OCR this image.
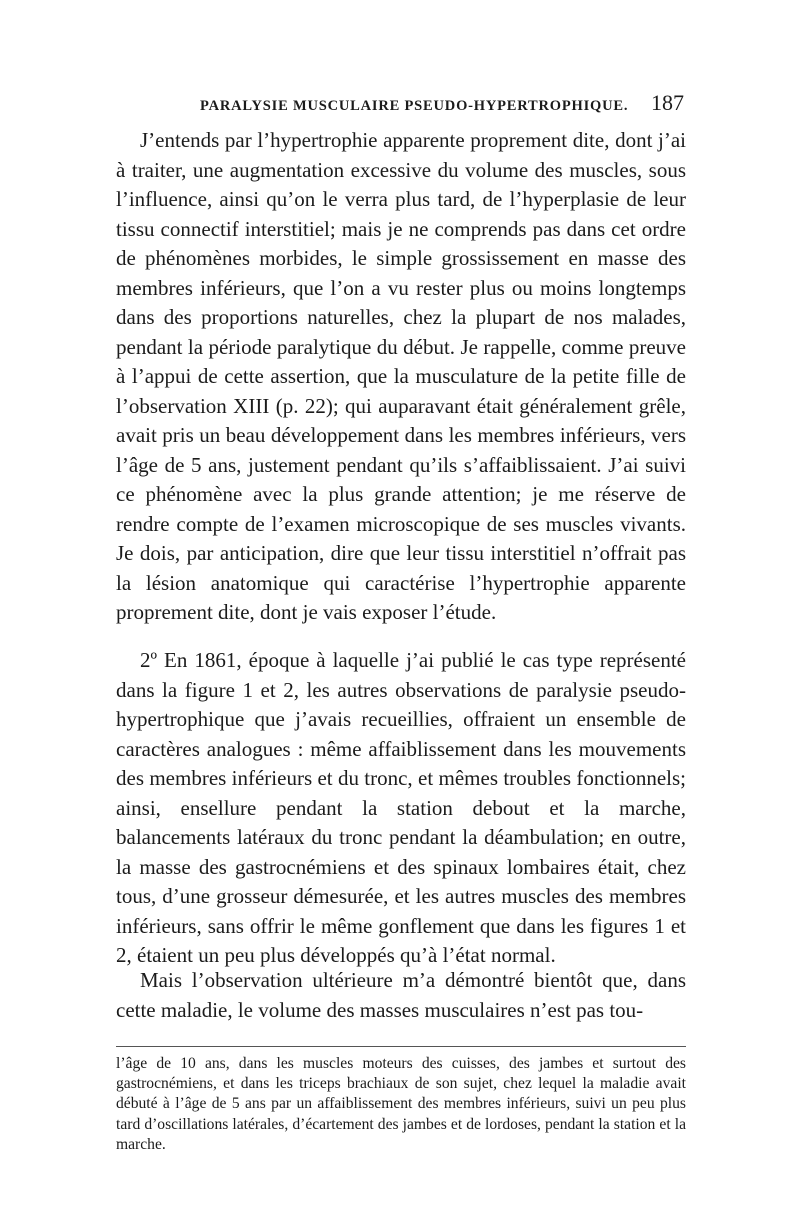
PARALYSIE MUSCULAIRE PSEUDO-HYPERTROPHIQUE. 187

J’entends par l’hypertrophie apparente proprement dite, dont j’ai à traiter, une augmentation excessive du volume des muscles, sous l’influence, ainsi qu’on le verra plus tard, de l’hyperplasie de leur tissu connectif interstitiel; mais je ne comprends pas dans cet ordre de phénomènes morbides, le simple grossissement en masse des membres inférieurs, que l’on a vu rester plus ou moins longtemps dans des proportions naturelles, chez la plupart de nos malades, pendant la période paralytique du début. Je rappelle, comme preuve à l’appui de cette assertion, que la musculature de la petite fille de l’observation XIII (p. 22); qui auparavant était généralement grêle, avait pris un beau développement dans les membres inférieurs, vers l’âge de 5 ans, justement pendant qu’ils s’affaiblissaient. J’ai suivi ce phénomène avec la plus grande attention; je me réserve de rendre compte de l’examen microscopique de ses muscles vivants. Je dois, par anticipation, dire que leur tissu interstitiel n’offrait pas la lésion anatomique qui caractérise l’hypertrophie apparente proprement dite, dont je vais exposer l’étude.

2º En 1861, époque à laquelle j’ai publié le cas type représenté dans la figure 1 et 2, les autres observations de paralysie pseudo-hypertrophique que j’avais recueillies, offraient un ensemble de caractères analogues : même affaiblissement dans les mouvements des membres inférieurs et du tronc, et mêmes troubles fonctionnels; ainsi, ensellure pendant la station debout et la marche, balancements latéraux du tronc pendant la déambulation; en outre, la masse des gastrocnémiens et des spinaux lombaires était, chez tous, d’une grosseur démesurée, et les autres muscles des membres inférieurs, sans offrir le même gonflement que dans les figures 1 et 2, étaient un peu plus développés qu’à l’état normal.

Mais l’observation ultérieure m’a démontré bientôt que, dans cette maladie, le volume des masses musculaires n’est pas tou-

l’âge de 10 ans, dans les muscles moteurs des cuisses, des jambes et surtout des gastrocnémiens, et dans les triceps brachiaux de son sujet, chez lequel la maladie avait débuté à l’âge de 5 ans par un affaiblissement des membres inférieurs, suivi un peu plus tard d’oscillations latérales, d’écartement des jambes et de lordoses, pendant la station et la marche.
